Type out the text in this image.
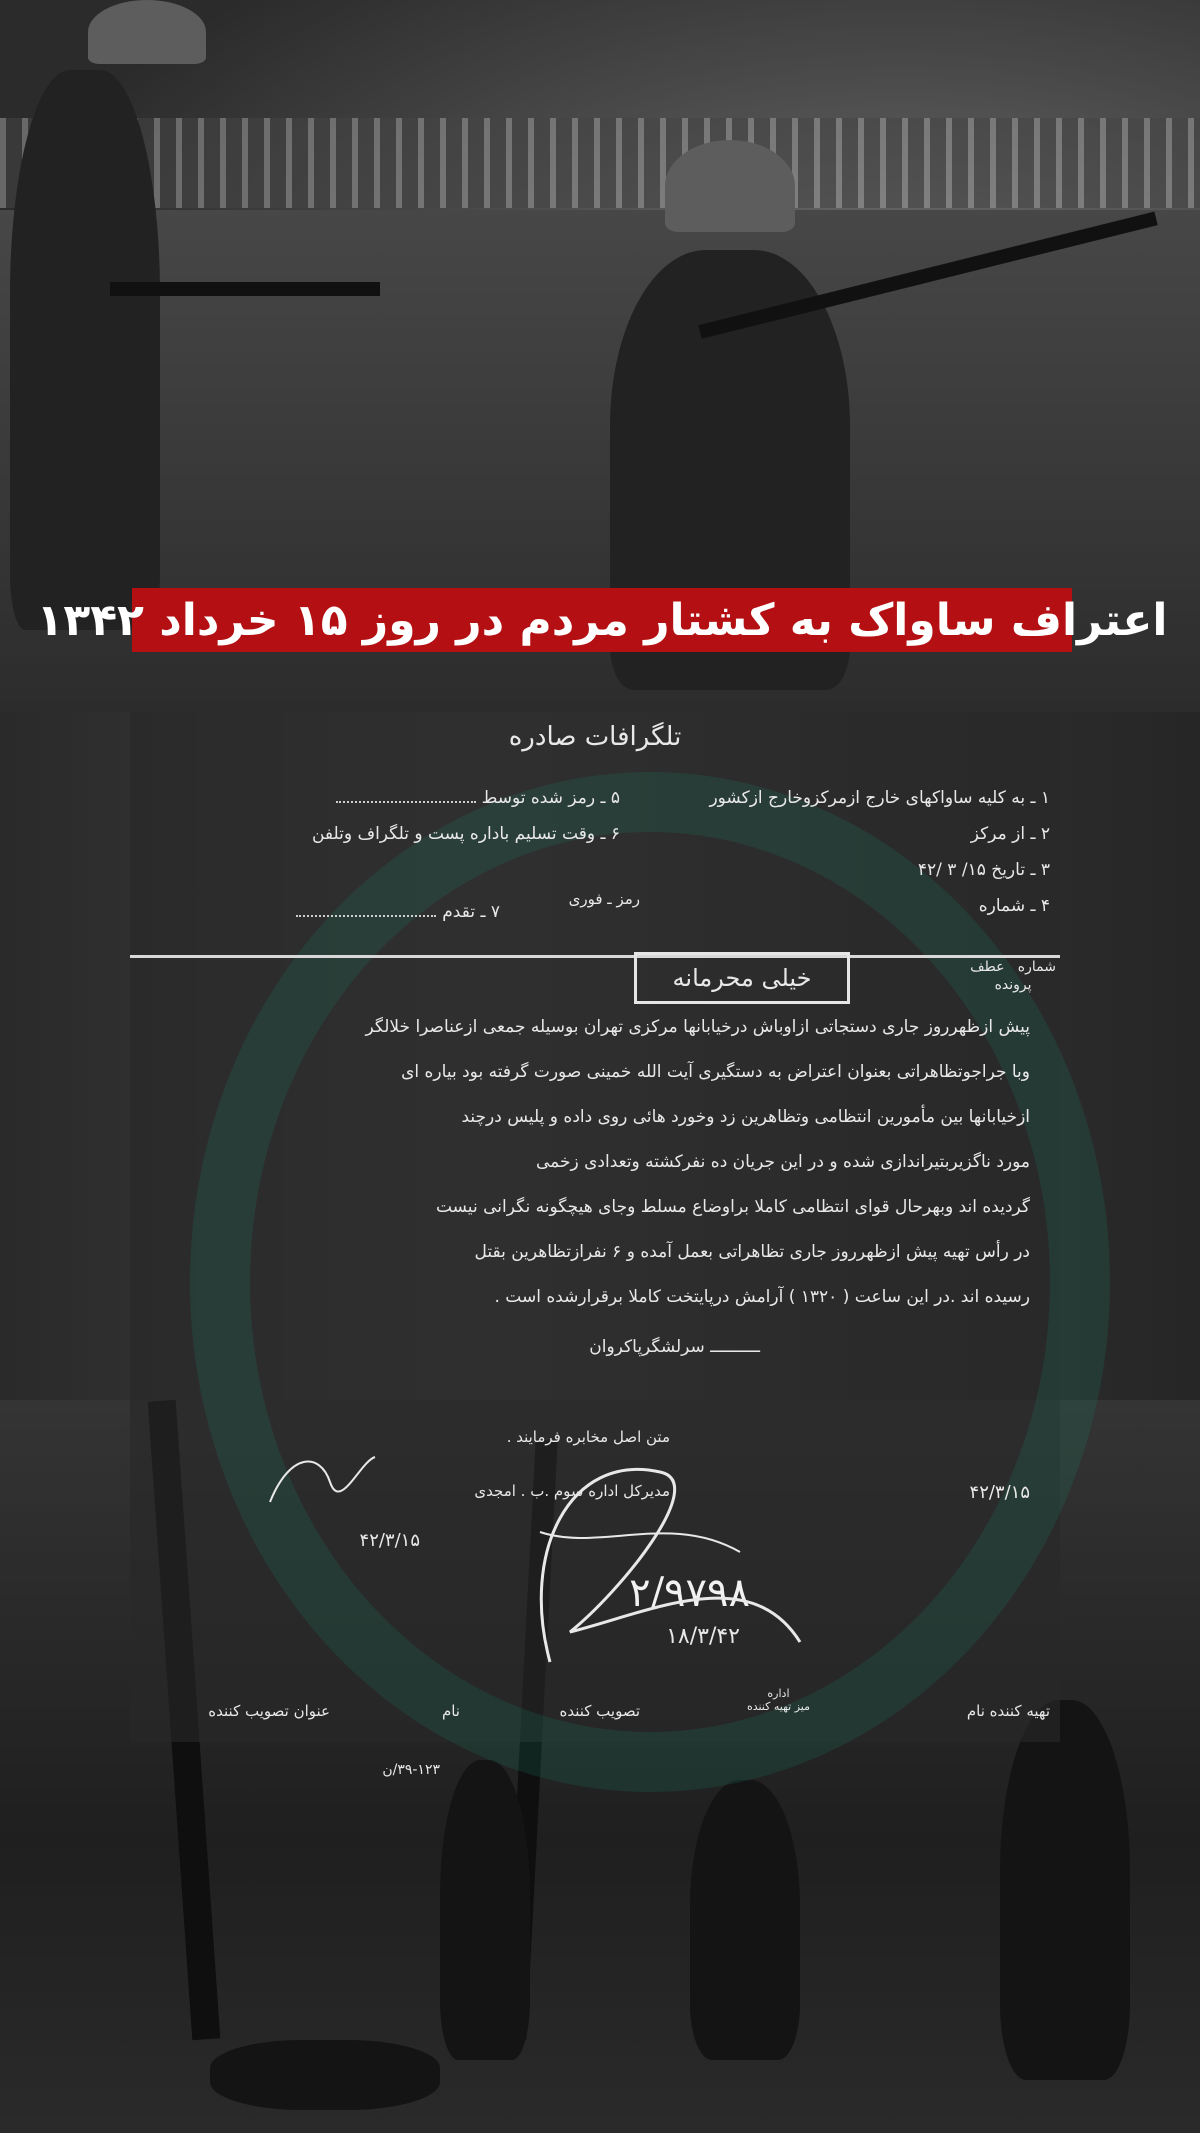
اعتراف ساواک به کشتار مردم در روز ۱۵ خرداد ۱۳۴۲
تلگرافات صادره
۱ ـ به کلیه ساواکهای خارج ازمرکزوخارج ازکشور
۲ ـ از مرکز
۳ ـ تاریخ ۱۵/ ۳ /۴۲
۴ ـ شماره
۵ ـ رمز شده توسط
۶ ـ وقت تسلیم باداره پست و تلگراف وتلفن
۷ ـ تقدم
رمز ـ فوری
شماره   عطف
پرونده
خیلی محرمانه
پیش ازظهرروز جاری دستجاتی ازاوباش درخیابانها مرکزی تهران بوسیله جمعی ازعناصرا خلالگر
وبا جراجوتظاهراتی بعنوان اعتراض به دستگیری آیت الله خمینی صورت گرفته بود بیاره ای
ازخیابانها بین مأمورین انتظامی وتظاهرین زد وخورد هائی روی داده و پلیس درچند
مورد ناگزیربتیراندازی شده و در این جریان ده نفرکشته وتعدادی زخمی
گردیده اند وبهرحال قوای انتظامی کاملا براوضاع مسلط وجای هیچگونه نگرانی نیست
در رأس تهیه پیش ازظهرروز جاری تظاهراتی بعمل آمده و ۶ نفرازتظاهرین بقتل
رسیده اند .در این ساعت ( ۱۳۲۰ ) آرامش درپایتخت کاملا برقرارشده است .
ــــــــــ سرلشگرپاکروان
متن اصل مخابره فرمایند .
مدیرکل اداره سوم .ب . امجدی
۴۲/۳/۱۵
۴۲/۳/۱۵
۲/۹۷۹۸
۱۸/۳/۴۲
تهیه کننده نام
اداره
میز تهیه کننده
تصویب کننده
نام
عنوان تصویب کننده
۳۹-۱۲۳/ن
